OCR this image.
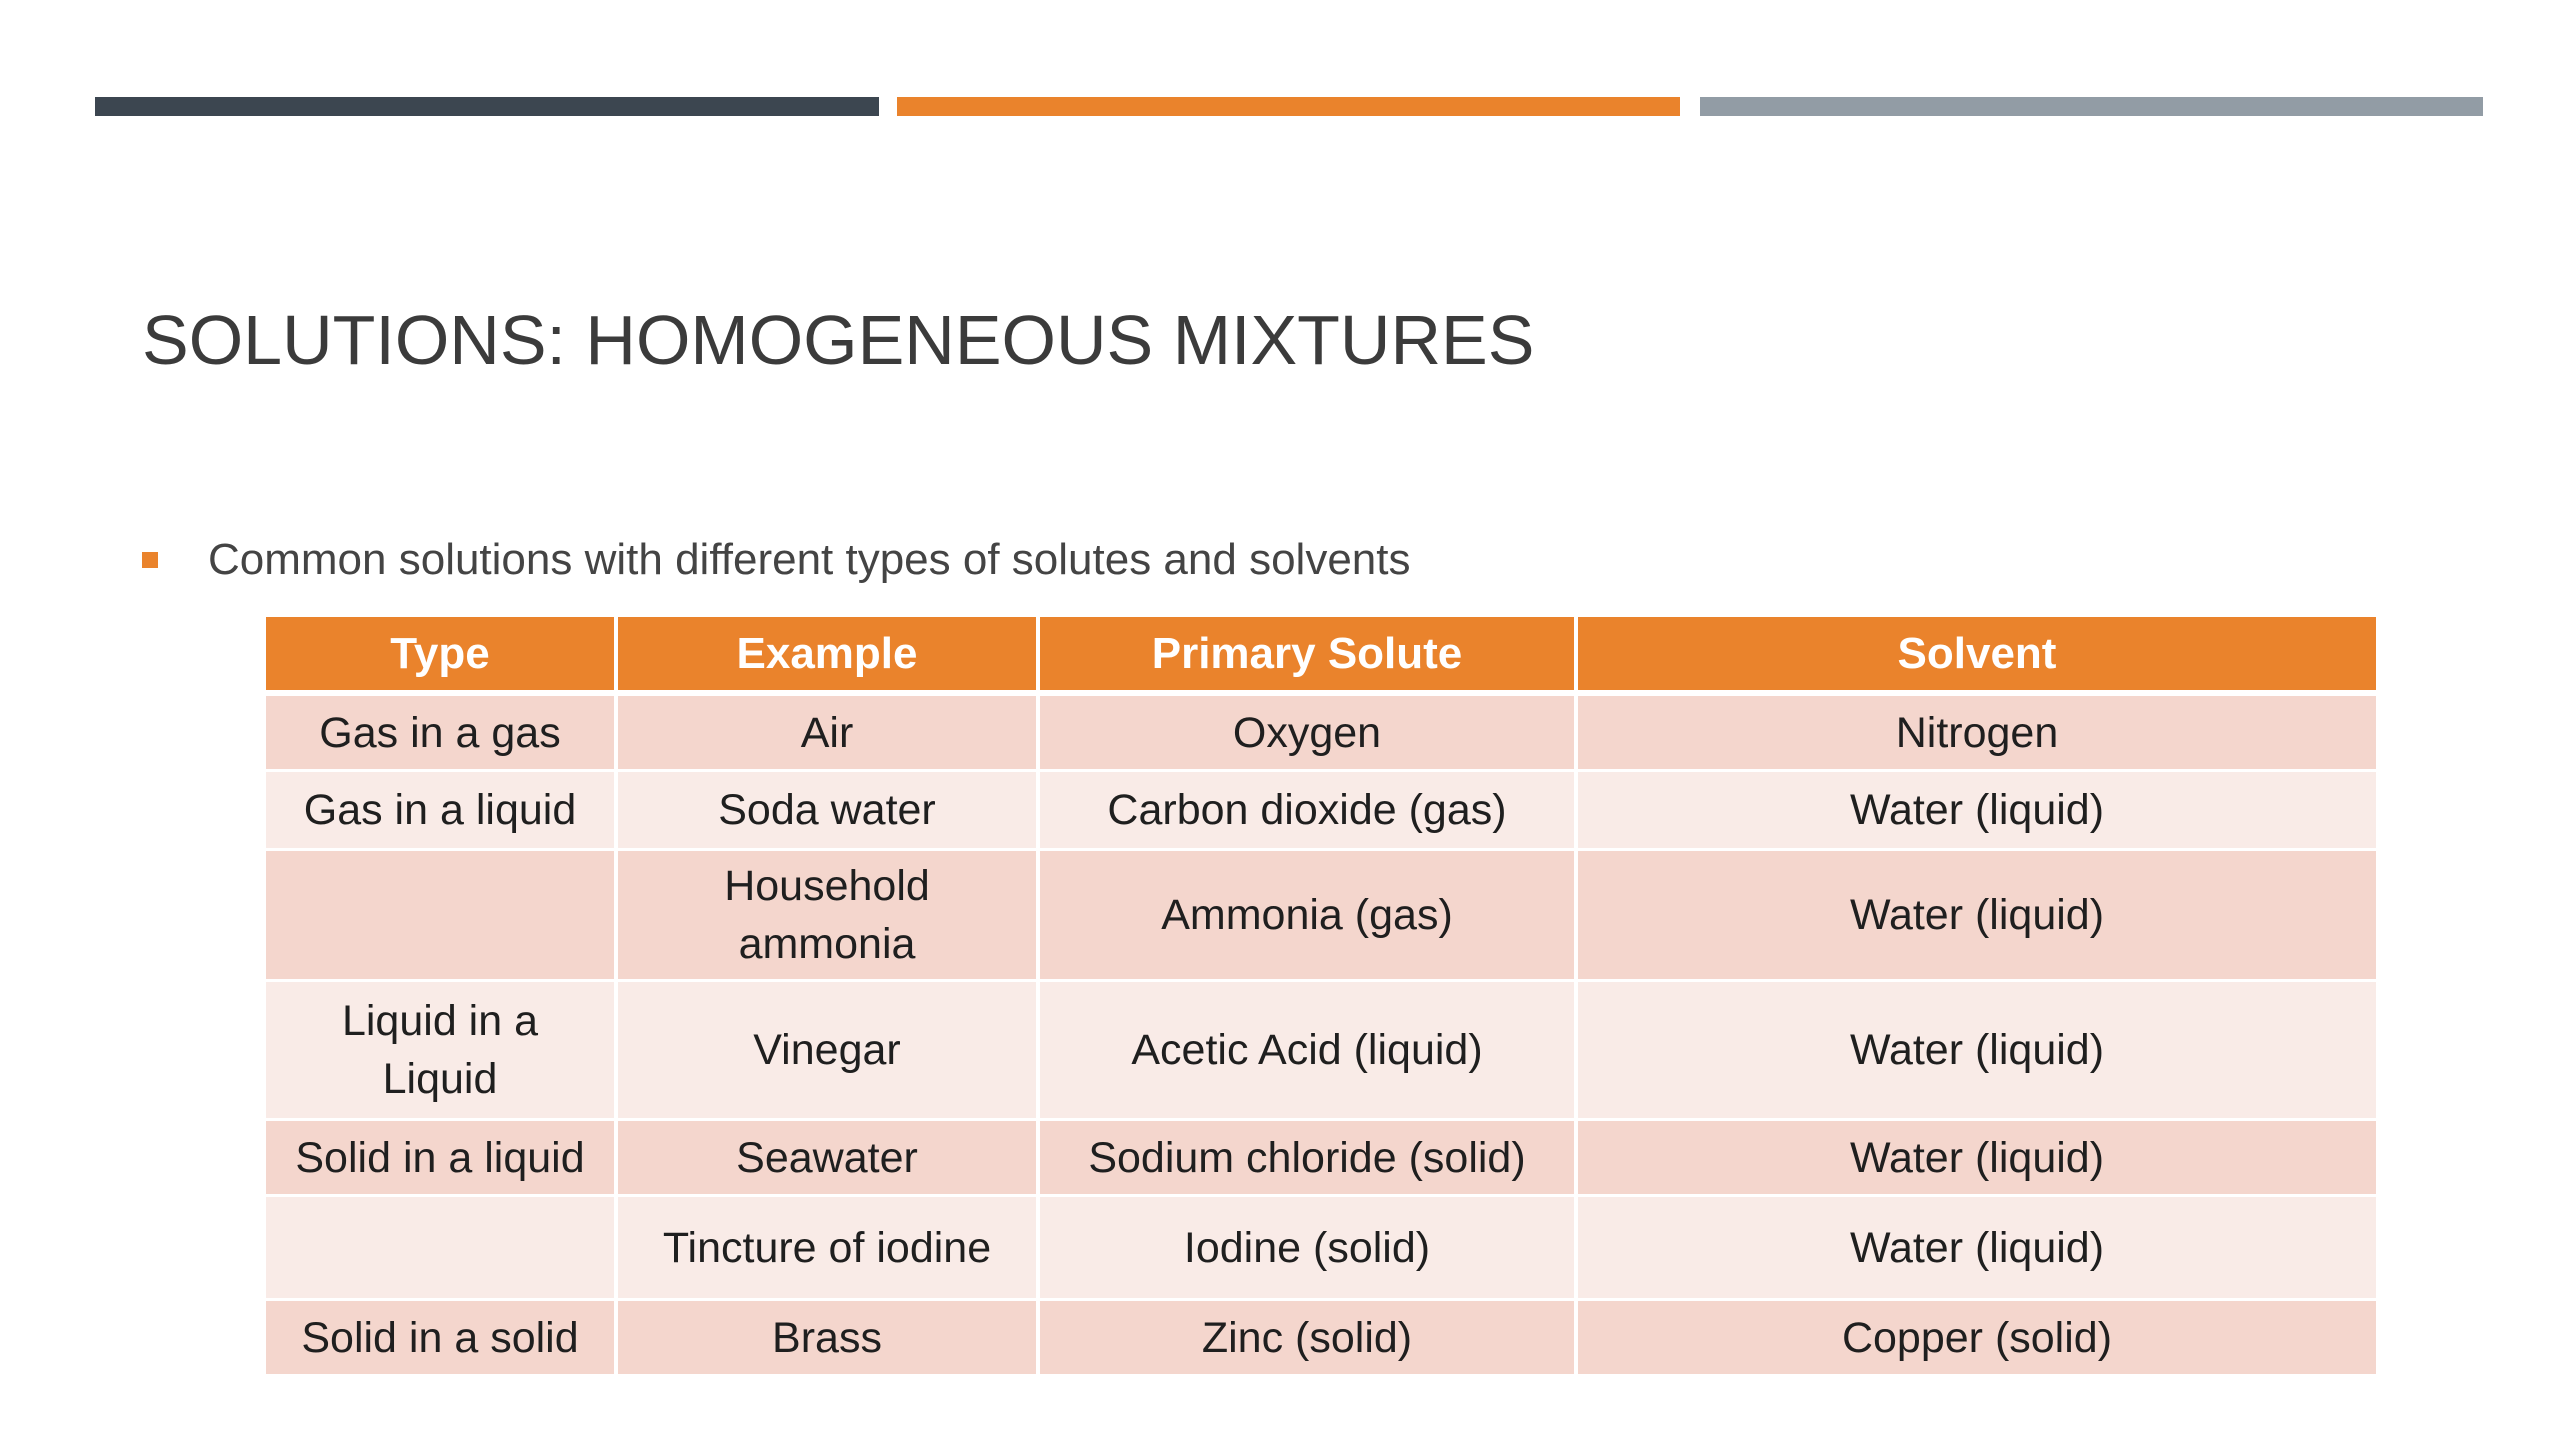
SOLUTIONS: HOMOGENEOUS MIXTURES
Common solutions with different types of solutes and solvents
Type	Example	Primary Solute	Solvent
Gas in a gas	Air	Oxygen	Nitrogen
Gas in a liquid	Soda water	Carbon dioxide (gas)	Water (liquid)
	Household ammonia	Ammonia (gas)	Water (liquid)
Liquid in a Liquid	Vinegar	Acetic Acid (liquid)	Water (liquid)
Solid in a liquid	Seawater	Sodium chloride (solid)	Water (liquid)
	Tincture of iodine	Iodine (solid)	Water (liquid)
Solid in a solid	Brass	Zinc (solid)	Copper (solid)
